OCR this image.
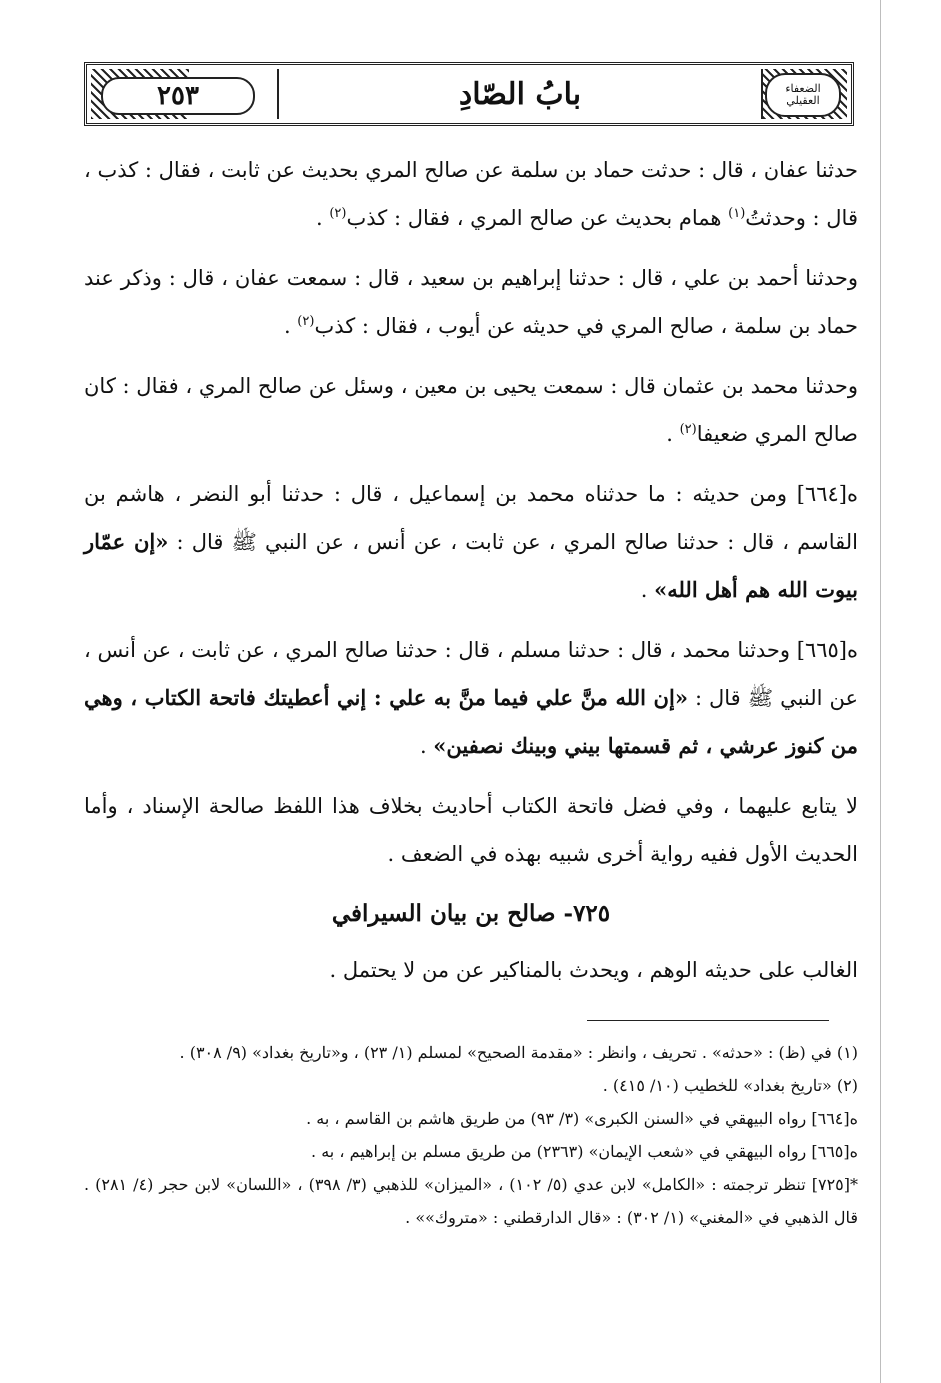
٢٥٣	بابُ الصّادِ	الضعفاء العقيلي

حدثنا عفان ، قال : حدثت حماد بن سلمة عن صالح المري بحديث عن ثابت ، فقال : كذب ، قال : وحدثتُ$^{(١)}$ همام بحديث عن صالح المري ، فقال : كذب$^{(٢)}$ .

وحدثنا أحمد بن علي ، قال : حدثنا إبراهيم بن سعيد ، قال : سمعت عفان ، قال : وذكر عند حماد بن سلمة ، صالح المري في حديثه عن أيوب ، فقال : كذب$^{(٢)}$ .

وحدثنا محمد بن عثمان قال : سمعت يحيى بن معين ، وسئل عن صالح المري ، فقال : كان صالح المري ضعيفا$^{(٢)}$ .

ه[٦٦٤] ومن حديثه : ما حدثناه محمد بن إسماعيل ، قال : حدثنا أبو النضر ، هاشم بن القاسم ، قال : حدثنا صالح المري ، عن ثابت ، عن أنس ، عن النبي ﷺ قال : «إن عمّار بيوت الله هم أهل الله» .

ه[٦٦٥] وحدثنا محمد ، قال : حدثنا مسلم ، قال : حدثنا صالح المري ، عن ثابت ، عن أنس ، عن النبي ﷺ قال : «إن الله منَّ علي فيما منَّ به علي : إني أعطيتك فاتحة الكتاب ، وهي من كنوز عرشي ، ثم قسمتها بيني وبينك نصفين» .

لا يتابع عليهما ، وفي فضل فاتحة الكتاب أحاديث بخلاف هذا اللفظ صالحة الإسناد ، وأما الحديث الأول ففيه رواية أخرى شبيه بهذه في الضعف .

٧٢٥- صالح بن بيان السيرافي

الغالب على حديثه الوهم ، ويحدث بالمناكير عن من لا يحتمل .

(١) في (ظ) : «حدثه» . تحريف ، وانظر : «مقدمة الصحيح» لمسلم (١/ ٢٣) ، و«تاريخ بغداد» (٩/ ٣٠٨) .

(٢) «تاريخ بغداد» للخطيب (١٠/ ٤١٥) .

ه[٦٦٤] رواه البيهقي في «السنن الكبرى» (٣/ ٩٣) من طريق هاشم بن القاسم ، به .

ه[٦٦٥] رواه البيهقي في «شعب الإيمان» (٢٣٦٣) من طريق مسلم بن إبراهيم ، به .

*[٧٢٥] تنظر ترجمته : «الكامل» لابن عدي (٥/ ١٠٢) ، «الميزان» للذهبي (٣/ ٣٩٨) ، «اللسان» لابن حجر (٤/ ٢٨١) . قال الذهبي في «المغني» (١/ ٣٠٢) : «قال الدارقطني : «متروك»» .
